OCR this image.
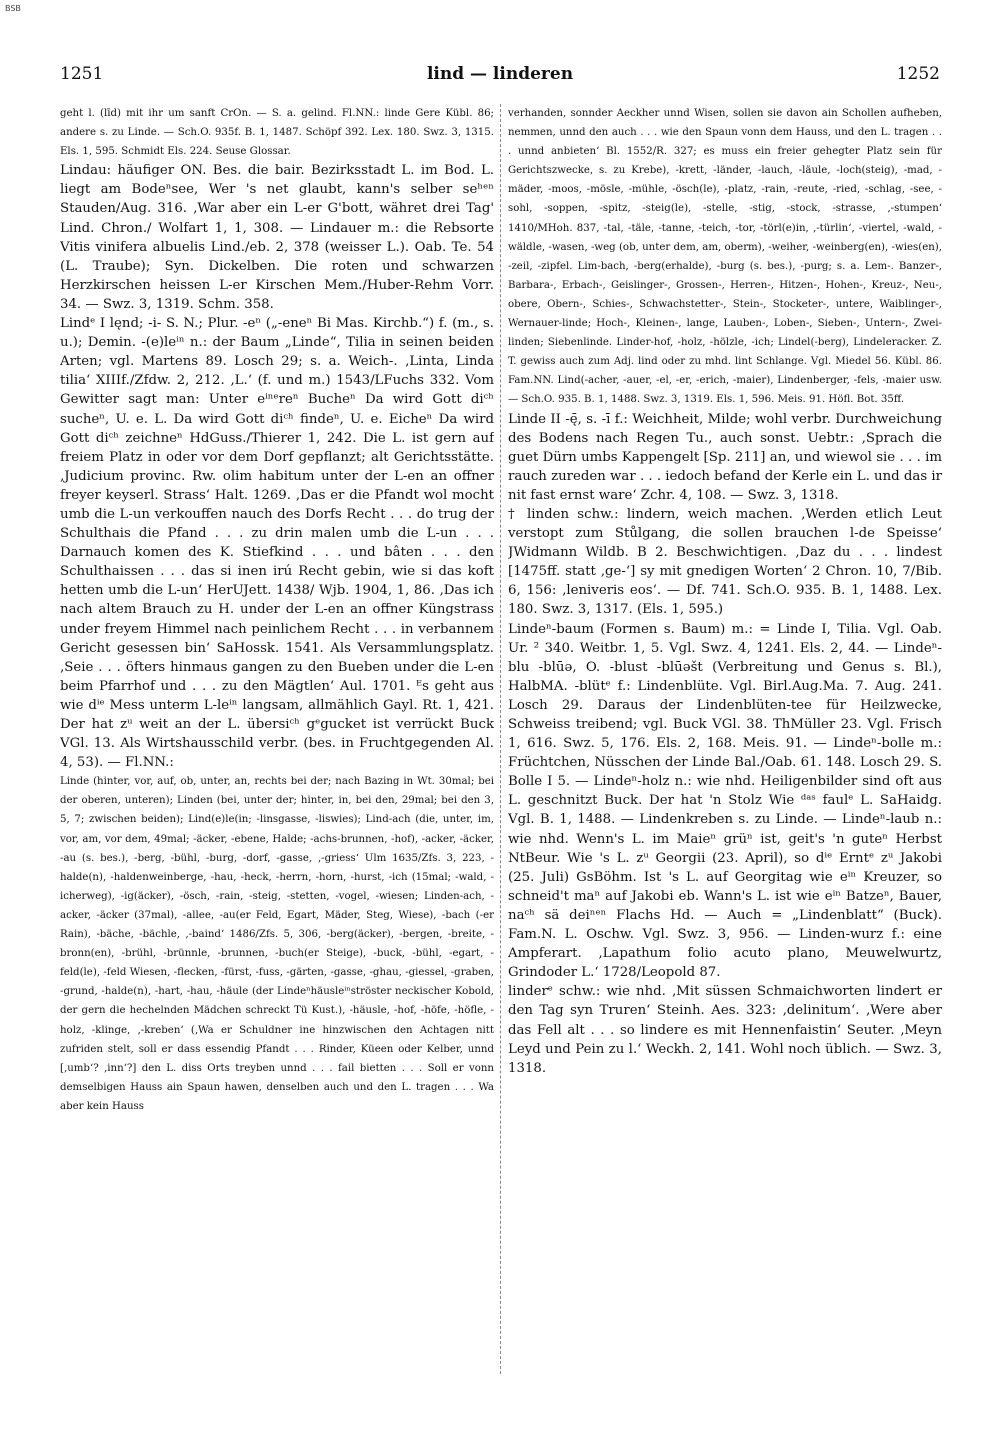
BSB
1251	lind — linderen	1252

geht l. (līd) mit ihr um sanft CrOn. — S. a. gelind. Fl.NN.: linde Gere Kübl. 86; andere s. zu Linde. — Sch.O. 935f. B. 1, 1487. Schöpf 392. Lex. 180. Swz. 3, 1315. Els. 1, 595. Schmidt Els. 224. Seuse Glossar.

Lindau: häufiger ON. Bes. die bair. Bezirksstadt L. im Bod. L. liegt am Bodeⁿsee, Wer 's net glaubt, kann's selber seʰᵉⁿ Stauden/Aug. 316. ‚War aber ein L-er G'bott, währet drei Tag' Lind. Chron./ Wolfart 1, 1, 308. — Lindauer m.: die Rebsorte Vitis vinifera albuelis Lind./eb. 2, 378 (weisser L.). Oab. Te. 54 (L. Traube); Syn. Dickelben. Die roten und schwarzen Herzkirschen heissen L-er Kirschen Mem./Huber-Rehm Vorr. 34. — Swz. 3, 1319. Schm. 358.

Lindᵉ I lęnd; -i- S. N.; Plur. -eⁿ („-eneⁿ Bi Mas. Kirchb.“) f. (m., s. u.); Demin. -(e)leⁱⁿ n.: der Baum „Linde“, Tilia in seinen beiden Arten; vgl. Martens 89. Losch 29; s. a. Weich-. ‚Linta, Linda tilia‘ XIIIf./Zfdw. 2, 212. ‚L.‘ (f. und m.) 1543/LFuchs 332. Vom Gewitter sagt man: Unter eⁱⁿᵉrеⁿ Bucheⁿ Da wird Gott diᶜʰ sucheⁿ, U. e. L. Da wird Gott diᶜʰ findeⁿ, U. e. Eicheⁿ Da wird Gott diᶜʰ zeichneⁿ HdGuss./Thierer 1, 242. Die L. ist gern auf freiem Platz in oder vor dem Dorf gepflanzt; alt Gerichtsstätte. ‚Judicium provinc. Rw. olim habitum unter der L-en an offner freyer keyserl. Strass‘ Halt. 1269. ‚Das er die Pfandt wol mocht umb die L-un verkouffen nauch des Dorfs Recht . . . do trug der Schulthais die Pfand . . . zu drin malen umb die L-un . . . Darnauch komen des K. Stiefkind . . . und bâten . . . den Schulthaissen . . . das si inen irú Recht gebin, wie si das koft hetten umb die L-un‘ HerUJett. 1438/ Wjb. 1904, 1, 86. ‚Das ich nach altem Brauch zu H. under der L-en an offner Küngstrass under freyem Himmel nach peinlichem Recht . . . in verbannem Gericht gesessen bin‘ SaHossk. 1541. Als Versammlungsplatz. ‚Seie . . . öfters hinmaus gangen zu den Bueben under die L-en beim Pfarrhof und . . . zu den Mägtlen‘ Aul. 1701. ᴱs geht aus wie dⁱᵉ Mess unterm L-leⁱⁿ langsam, allmählich Gayl. Rt. 1, 421. Der hat zᵘ weit an der L. übersiᶜʰ gᵉgucket ist verrückt Buck VGl. 13. Als Wirtshausschild verbr. (bes. in Fruchtgegenden Al. 4, 53). — Fl.NN.:

Linde (hinter, vor, auf, ob, unter, an, rechts bei der; nach Bazing in Wt. 30mal; bei der oberen, unteren); Linden (bei, unter der; hinter, in, bei den, 29mal; bei den 3, 5, 7; zwischen beiden); Lind(e)le(in; -linsgasse, -liswies); Lind-ach (die, unter, im, vor, am, vor dem, 49mal; -äcker, -ebene, Halde; -achs-brunnen, -hof), -acker, -äcker, -au (s. bes.), -berg, -bühl, -burg, -dorf, -gasse, ‚-griess‘ Ulm 1635/Zfs. 3, 223, -halde(n), -haldenweinberge, -hau, -heck, -herrn, -horn, -hurst, -ich (15mal; -wald, -icherweg), -ig(äcker), -ösch, -rain, -steig, -stetten, -vogel, -wiesen; Linden-ach, -acker, -äcker (37mal), -allee, -au(er Feld, Egart, Mäder, Steg, Wiese), -bach (-er Rain), -bäche, -bächle, ‚-baind‘ 1486/Zfs. 5, 306, -berg(äcker), -bergen, -breite, -bronn(en), -brühl, -brünnle, -brunnen, -buch(er Steige), -buck, -bühl, -egart, -feld(le), -feld Wiesen, -flecken, -fürst, -fuss, -gärten, -gasse, -ghau, -giessel, -graben, -grund, -halde(n), -hart, -hau, -häule (der Lindeⁿhäusleⁱⁿströster neckischer Kobold, der gern die hechelnden Mädchen schreckt Tü Kust.), -häusle, -hof, -höfe, -höfle, -holz, -klinge, ‚-kreben‘ (‚Wa er Schuldner ine hinzwischen den Achtagen nitt zufriden stelt, soll er dass essendig Pfandt . . . Rinder, Küeen oder Kelber, unnd [‚umb‘? ‚inn‘?] den L. diss Orts treyben unnd . . . fail bietten . . . Soll er vonn demselbigen Hauss ain Spaun hawen, denselben auch und den L. tragen . . . Wa aber kein Hauss

verhanden, sonnder Aeckher unnd Wisen, sollen sie davon ain Schollen aufheben, nemmen, unnd den auch . . . wie den Spaun vonn dem Hauss, und den L. tragen . . . unnd anbieten‘ Bl. 1552/R. 327; es muss ein freier gehegter Platz sein für Gerichtszwecke, s. zu Krebe), -krett, -länder, -lauch, -läule, -loch(steig), -mad, -mäder, -moos, -mösle, -mühle, -ösch(le), -platz, -rain, -reute, -ried, -schlag, -see, -sohl, -soppen, -spitz, -steig(le), -stelle, -stig, -stock, -strasse, ‚-stumpen‘ 1410/MHoh. 837, -tal, -täle, -tanne, -teich, -tor, -törl(e)in, ‚-türlin‘, -viertel, -wald, -wäldle, -wasen, -weg (ob, unter dem, am, oberm), -weiher, -weinberg(en), -wies(en), -zeil, -zipfel. Lim-bach, -berg(erhalde), -burg (s. bes.), -purg; s. a. Lem-. Banzer-, Barbara-, Erbach-, Geislinger-, Grossen-, Herren-, Hitzen-, Hohen-, Kreuz-, Neu-, obere, Obern-, Schies-, Schwachstetter-, Stein-, Stocketer-, untere, Waiblinger-, Wernauer-linde; Hoch-, Kleinen-, lange, Lauben-, Loben-, Sieben-, Untern-, Zwei-linden; Siebenlinde. Linder-hof, -holz, -hölzle, -ich; Lindel(-berg), Lindeleracker. Z. T. gewiss auch zum Adj. lind oder zu mhd. lint Schlange. Vgl. Miedel 56. Kübl. 86. Fam.NN. Lind(-acher, -auer, -el, -er, -erich, -maier), Lindenberger, -fels, -maier usw. — Sch.O. 935. B. 1, 1488. Swz. 3, 1319. Els. 1, 596. Meis. 91. Höfl. Bot. 35ff.

Linde II -ę̄, s. -ī f.: Weichheit, Milde; wohl verbr. Durchweichung des Bodens nach Regen Tu., auch sonst. Uebtr.: ‚Sprach die guet Dürn umbs Kappengelt [Sp. 211] an, und wiewol sie . . . im rauch zureden war . . . iedoch befand der Kerle ein L. und das ir nit fast ernst ware‘ Zchr. 4, 108. — Swz. 3, 1318.

† linden schw.: lindern, weich machen. ‚Werden etlich Leut verstopt zum Stůlgang, die sollen brauchen l-de Speisse‘ JWidmann Wildb. B 2. Beschwichtigen. ‚Daz du . . . lindest [1475ff. statt ‚ge-‘] sy mit gnedigen Worten‘ 2 Chron. 10, 7/Bib. 6, 156: ‚leniveris eos‘. — Df. 741. Sch.O. 935. B. 1, 1488. Lex. 180. Swz. 3, 1317. (Els. 1, 595.)

Lindeⁿ-baum (Formen s. Baum) m.: = Linde I, Tilia. Vgl. Oab. Ur. ² 340. Weitbr. 1, 5. Vgl. Swz. 4, 1241. Els. 2, 44. — Lindeⁿ-blu -blūə, O. -blust -blūəšt (Verbreitung und Genus s. Bl.), HalbMA. -blütᵉ f.: Lindenblüte. Vgl. Birl.Aug.Ma. 7. Aug. 241. Losch 29. Daraus der Lindenblüten-tee für Heilzwecke, Schweiss treibend; vgl. Buck VGl. 38. ThMüller 23. Vgl. Frisch 1, 616. Swz. 5, 176. Els. 2, 168. Meis. 91. — Lindeⁿ-bolle m.: Früchtchen, Nüsschen der Linde Bal./Oab. 61. 148. Losch 29. S. Bolle I 5. — Lindeⁿ-holz n.: wie nhd. Heiligenbilder sind oft aus L. geschnitzt Buck. Der hat 'n Stolz Wie ᵈᵃˢ faulᵉ L. SaHaidg. Vgl. B. 1, 1488. — Lindenkreben s. zu Linde. — Lindeⁿ-laub n.: wie nhd. Wenn's L. im Maieⁿ grüⁿ ist, geit's 'n guteⁿ Herbst NtBeur. Wie 's L. zᵘ Georgii (23. April), so dⁱᵉ Erntᵉ zᵘ Jakobi (25. Juli) GsBöhm. Ist 's L. auf Georgitag wie eⁱⁿ Kreuzer, so schneid't maⁿ auf Jakobi eb. Wann's L. ist wie eⁱⁿ Batzeⁿ, Bauer, naᶜʰ sä deiⁿᵉⁿ Flachs Hd. — Auch = „Lindenblatt“ (Buck). Fam.N. L. Oschw. Vgl. Swz. 3, 956. — Linden-wurz f.: eine Ampferart. ‚Lapathum folio acuto plano, Meuwelwurtz, Grindoder L.‘ 1728/Leopold 87.

linderᵉ schw.: wie nhd. ‚Mit süssen Schmaichworten lindert er den Tag syn Truren‘ Steinh. Aes. 323: ‚delinitum‘. ‚Were aber das Fell alt . . . so lindere es mit Hennenfaistin‘ Seuter. ‚Meyn Leyd und Pein zu l.‘ Weckh. 2, 141. Wohl noch üblich. — Swz. 3, 1318.
